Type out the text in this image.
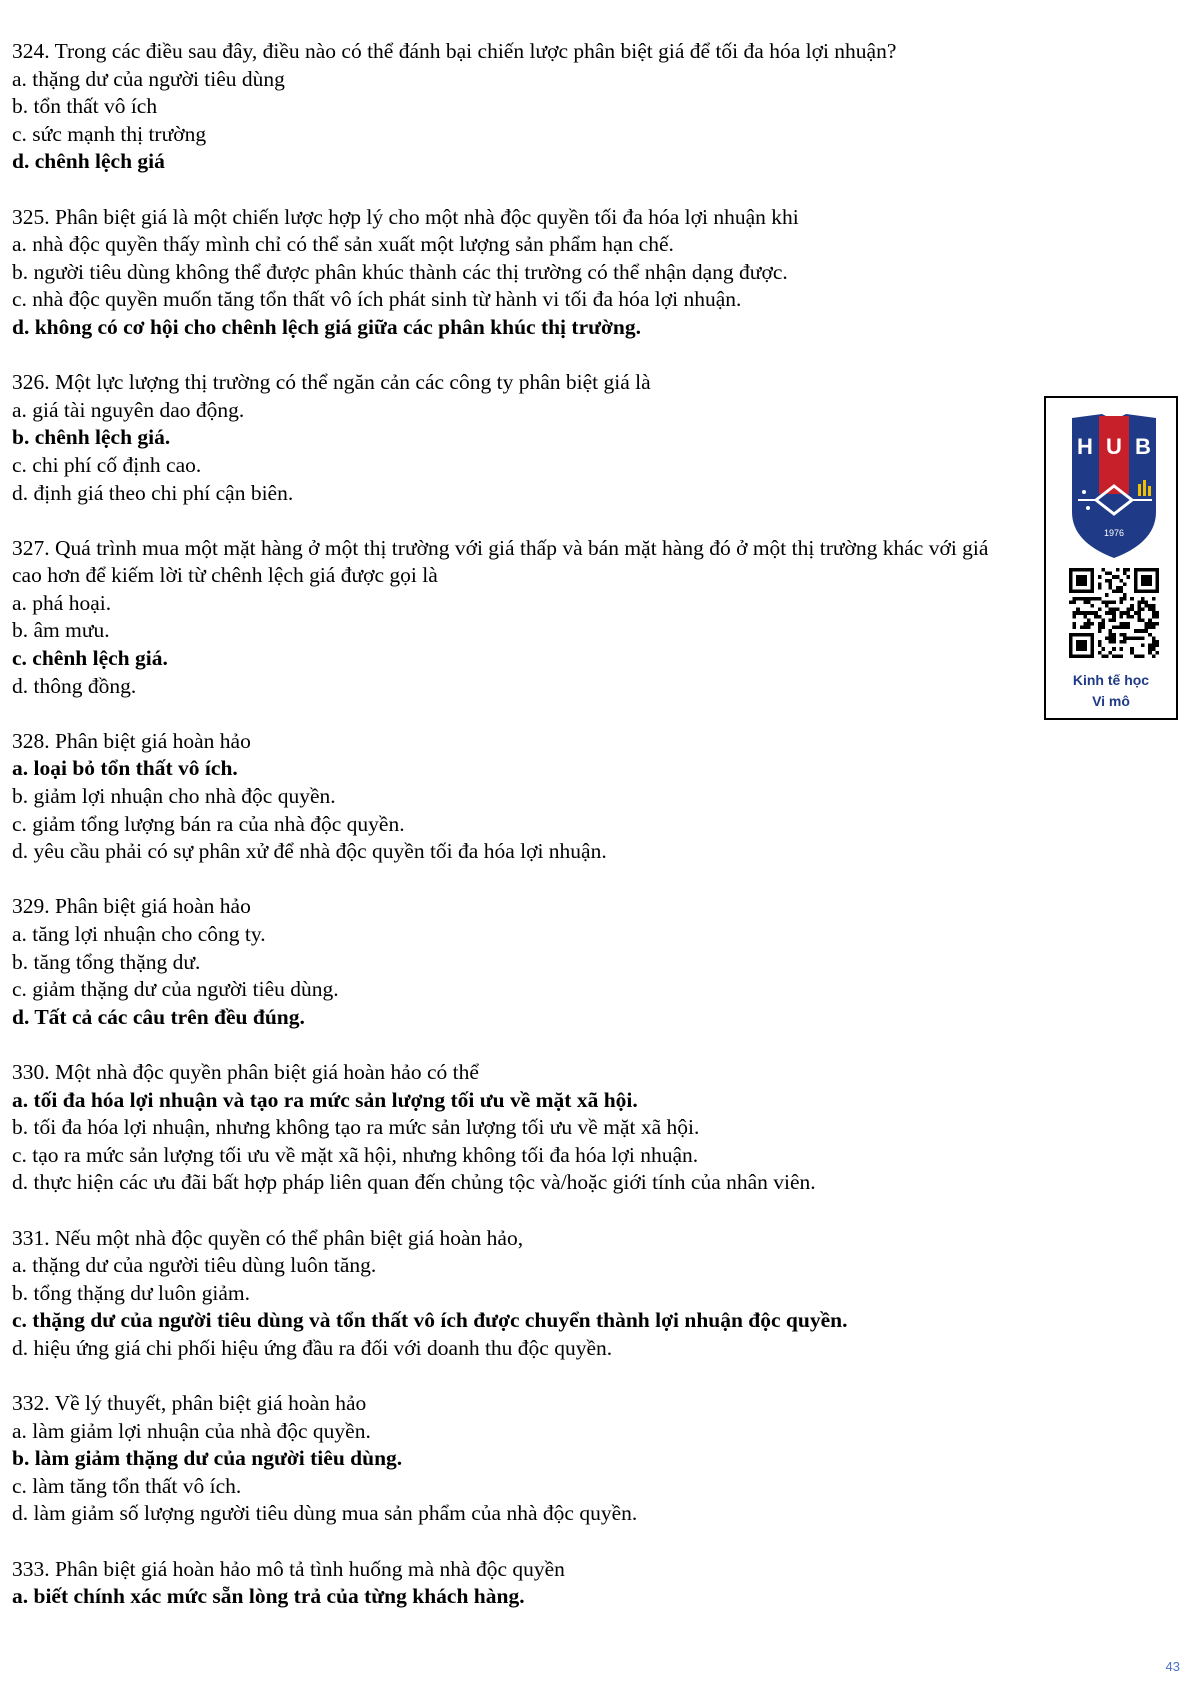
324. Trong các điều sau đây, điều nào có thể đánh bại chiến lược phân biệt giá để tối đa hóa lợi nhuận?
a. thặng dư của người tiêu dùng
b. tổn thất vô ích
c. sức mạnh thị trường
d. chênh lệch giá
325. Phân biệt giá là một chiến lược hợp lý cho một nhà độc quyền tối đa hóa lợi nhuận khi
a. nhà độc quyền thấy mình chỉ có thể sản xuất một lượng sản phẩm hạn chế.
b. người tiêu dùng không thể được phân khúc thành các thị trường có thể nhận dạng được.
c. nhà độc quyền muốn tăng tổn thất vô ích phát sinh từ hành vi tối đa hóa lợi nhuận.
d. không có cơ hội cho chênh lệch giá giữa các phân khúc thị trường.
326. Một lực lượng thị trường có thể ngăn cản các công ty phân biệt giá là
a. giá tài nguyên dao động.
b. chênh lệch giá.
c. chi phí cố định cao.
d. định giá theo chi phí cận biên.
327. Quá trình mua một mặt hàng ở một thị trường với giá thấp và bán mặt hàng đó ở một thị trường khác với giá cao hơn để kiếm lời từ chênh lệch giá được gọi là
a. phá hoại.
b. âm mưu.
c. chênh lệch giá.
d. thông đồng.
328. Phân biệt giá hoàn hảo
a. loại bỏ tổn thất vô ích.
b. giảm lợi nhuận cho nhà độc quyền.
c. giảm tổng lượng bán ra của nhà độc quyền.
d. yêu cầu phải có sự phân xử để nhà độc quyền tối đa hóa lợi nhuận.
329. Phân biệt giá hoàn hảo
a. tăng lợi nhuận cho công ty.
b. tăng tổng thặng dư.
c. giảm thặng dư của người tiêu dùng.
d. Tất cả các câu trên đều đúng.
330. Một nhà độc quyền phân biệt giá hoàn hảo có thể
a. tối đa hóa lợi nhuận và tạo ra mức sản lượng tối ưu về mặt xã hội.
b. tối đa hóa lợi nhuận, nhưng không tạo ra mức sản lượng tối ưu về mặt xã hội.
c. tạo ra mức sản lượng tối ưu về mặt xã hội, nhưng không tối đa hóa lợi nhuận.
d. thực hiện các ưu đãi bất hợp pháp liên quan đến chủng tộc và/hoặc giới tính của nhân viên.
331. Nếu một nhà độc quyền có thể phân biệt giá hoàn hảo,
a. thặng dư của người tiêu dùng luôn tăng.
b. tổng thặng dư luôn giảm.
c. thặng dư của người tiêu dùng và tổn thất vô ích được chuyển thành lợi nhuận độc quyền.
d. hiệu ứng giá chi phối hiệu ứng đầu ra đối với doanh thu độc quyền.
332. Về lý thuyết, phân biệt giá hoàn hảo
a. làm giảm lợi nhuận của nhà độc quyền.
b. làm giảm thặng dư của người tiêu dùng.
c. làm tăng tổn thất vô ích.
d. làm giảm số lượng người tiêu dùng mua sản phẩm của nhà độc quyền.
333. Phân biệt giá hoàn hảo mô tả tình huống mà nhà độc quyền
a. biết chính xác mức sẵn lòng trả của từng khách hàng.
H U B
1976
Kinh tế học
Vi mô
43
